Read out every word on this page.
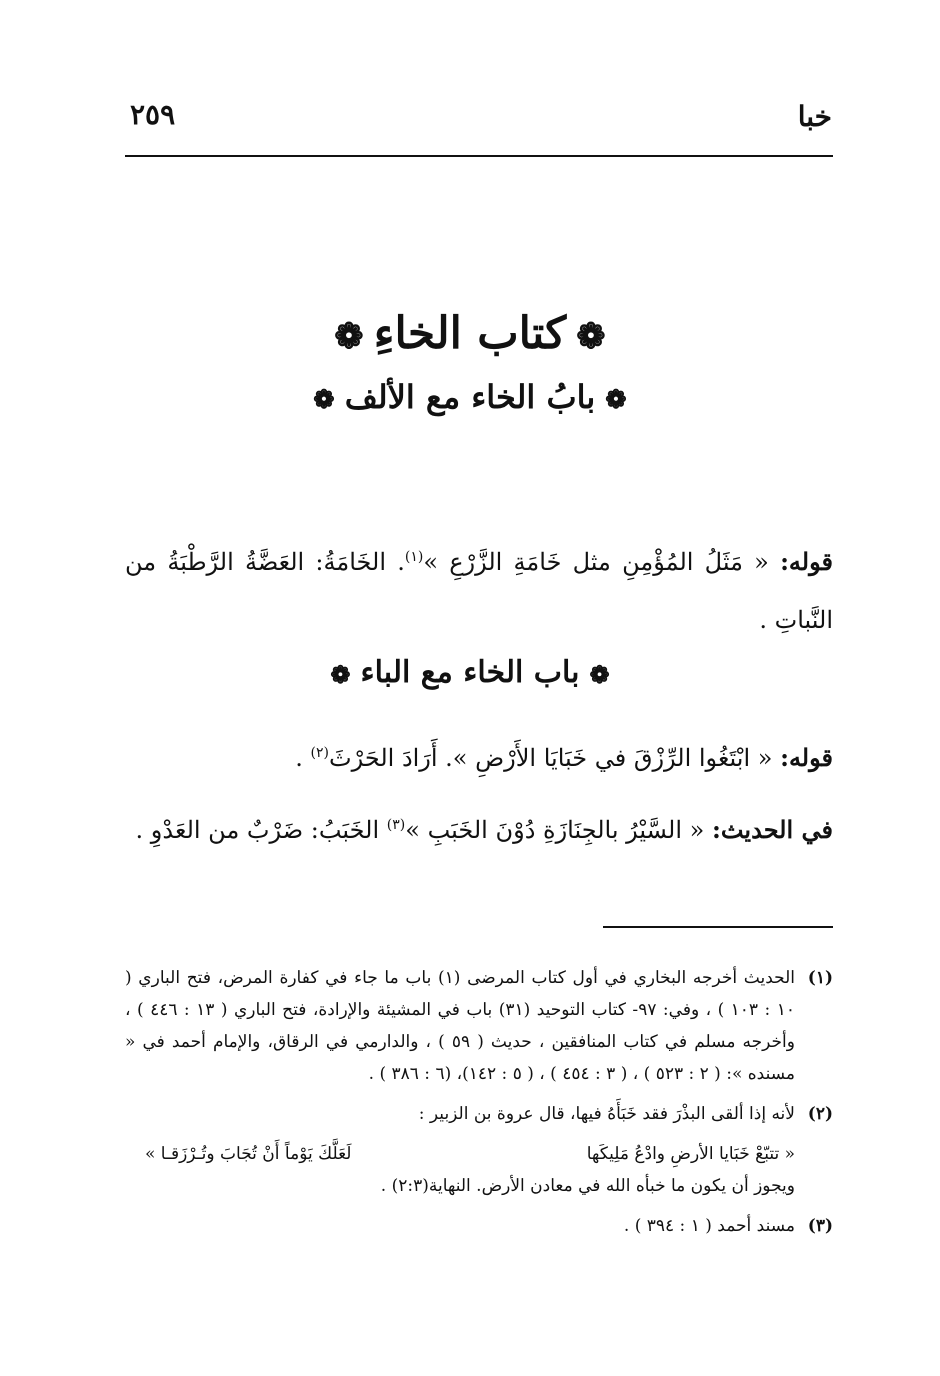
خبا
٢٥٩
❁كتاب الخاءِ❁
❁بابُ الخاء مع الألف❁
قوله: « مَثَلُ المُؤْمِنِ مثل خَامَةِ الزَّرْعِ »$^{(١)}$. الخَامَةُ: العَضَّةُ الرَّطْبَةُ من النَّباتِ .
❁باب الخاء مع الباء❁
قوله: « ابْتَغُوا الرِّزْقَ في خَبَايَا الأَرْضِ ». أَرَادَ الحَرْثَ$^{(٢)}$ .
في الحديث: « السَّيْرُ بالجِنَازَةِ دُوْنَ الخَبَبِ »$^{(٣)}$ الخَبَبُ: ضَرْبٌ من العَدْوِ .
(١)
الحديث أخرجه البخاري في أول كتاب المرضى (١) باب ما جاء في كفارة المرض، فتح الباري ( ١٠ : ١٠٣ ) ، وفي: ٩٧- كتاب التوحيد (٣١) باب في المشيئة والإرادة، فتح الباري ( ١٣ : ٤٤٦ ) ، وأخرجه مسلم في كتاب المنافقين ، حديث ( ٥٩ ) ، والدارمي في الرقاق، والإمام أحمد في « مسنده »: ( ٢ : ٥٢٣ ) ، ( ٣ : ٤٥٤ ) ، ( ٥ : ١٤٢)، (٦ : ٣٨٦ ) .
(٢)
لأنه إذا ألقى البذْرَ فقد خَبَأَهُ فيها، قال عروة بن الزبير :
« تتبّعْ خَبَايا الأرضِ وادْعُ مَلِيكَها
لَعَلَّكَ يَوْماً أَنْ تُجَابَ وتُـرْزَقـا »
ويجوز أن يكون ما خبأه الله في معادن الأرض. النهاية(٢:٣) .
(٣)
مسند أحمد ( ١ : ٣٩٤ ) .
